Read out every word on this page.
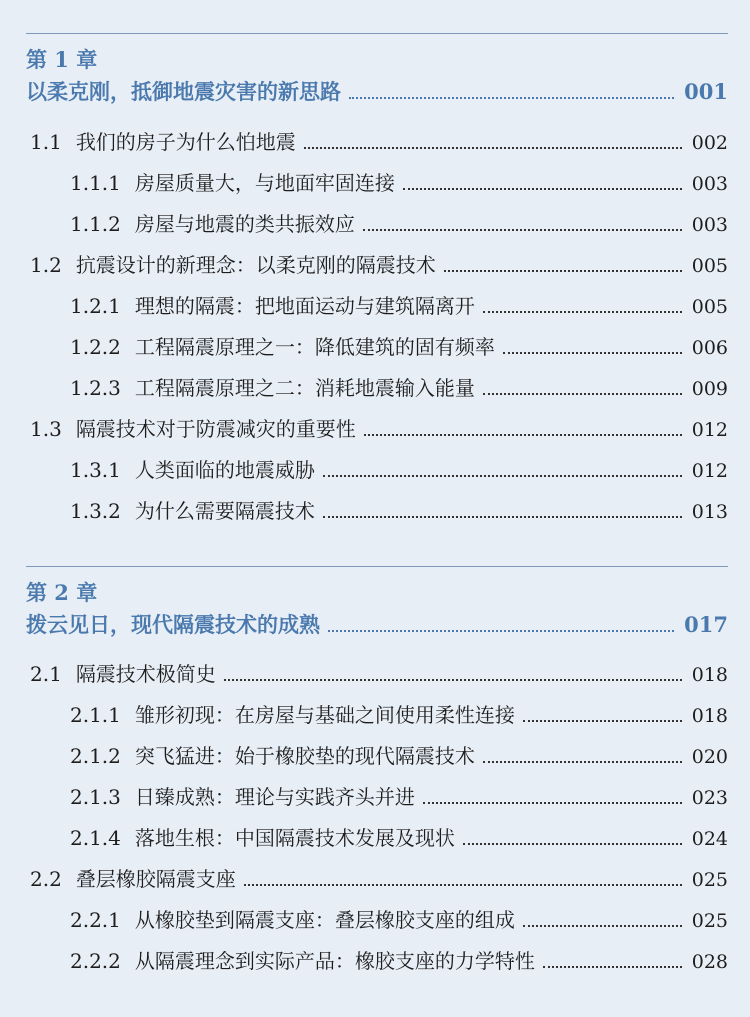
第 1 章
以柔克刚，抵御地震灾害的新思路	001
1.1 我们的房子为什么怕地震	002
1.1.1 房屋质量大，与地面牢固连接	003
1.1.2 房屋与地震的类共振效应	003
1.2 抗震设计的新理念：以柔克刚的隔震技术	005
1.2.1 理想的隔震：把地面运动与建筑隔离开	005
1.2.2 工程隔震原理之一：降低建筑的固有频率	006
1.2.3 工程隔震原理之二：消耗地震输入能量	009
1.3 隔震技术对于防震减灾的重要性	012
1.3.1 人类面临的地震威胁	012
1.3.2 为什么需要隔震技术	013
第 2 章
拨云见日，现代隔震技术的成熟	017
2.1 隔震技术极简史	018
2.1.1 雏形初现：在房屋与基础之间使用柔性连接	018
2.1.2 突飞猛进：始于橡胶垫的现代隔震技术	020
2.1.3 日臻成熟：理论与实践齐头并进	023
2.1.4 落地生根：中国隔震技术发展及现状	024
2.2 叠层橡胶隔震支座	025
2.2.1 从橡胶垫到隔震支座：叠层橡胶支座的组成	025
2.2.2 从隔震理念到实际产品：橡胶支座的力学特性	028
